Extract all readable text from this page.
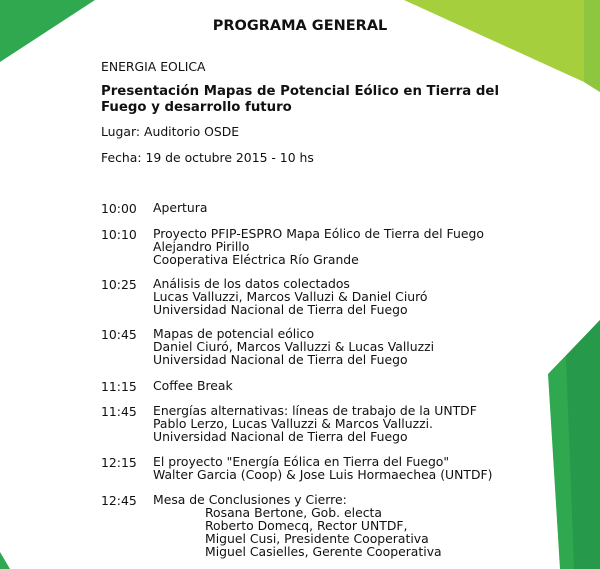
PROGRAMA GENERAL

ENERGIA EOLICA

Presentación Mapas de Potencial Eólico en Tierra del Fuego y desarrollo futuro

Lugar: Auditorio OSDE

Fecha: 19 de octubre 2015 - 10 hs

10:00 Apertura
10:10 Proyecto PFIP-ESPRO Mapa Eólico de Tierra del Fuego
Alejandro Pirillo
Cooperativa Eléctrica Río Grande
10:25 Análisis de los datos colectados
Lucas Valluzzi, Marcos Valluzi & Daniel Ciuró
Universidad Nacional de Tierra del Fuego
10:45 Mapas de potencial eólico
Daniel Ciuró, Marcos Valluzzi & Lucas Valluzzi
Universidad Nacional de Tierra del Fuego
11:15 Coffee Break
11:45 Energías alternativas: líneas de trabajo de la UNTDF
Pablo Lerzo, Lucas Valluzzi & Marcos Valluzzi.
Universidad Nacional de Tierra del Fuego
12:15 El proyecto "Energía Eólica en Tierra del Fuego"
Walter Garcia (Coop) & Jose Luis Hormaechea (UNTDF)
12:45 Mesa de Conclusiones y Cierre:
Rosana Bertone, Gob. electa
Roberto Domecq, Rector UNTDF,
Miguel Cusi, Presidente Cooperativa
Miguel Casielles, Gerente Cooperativa
